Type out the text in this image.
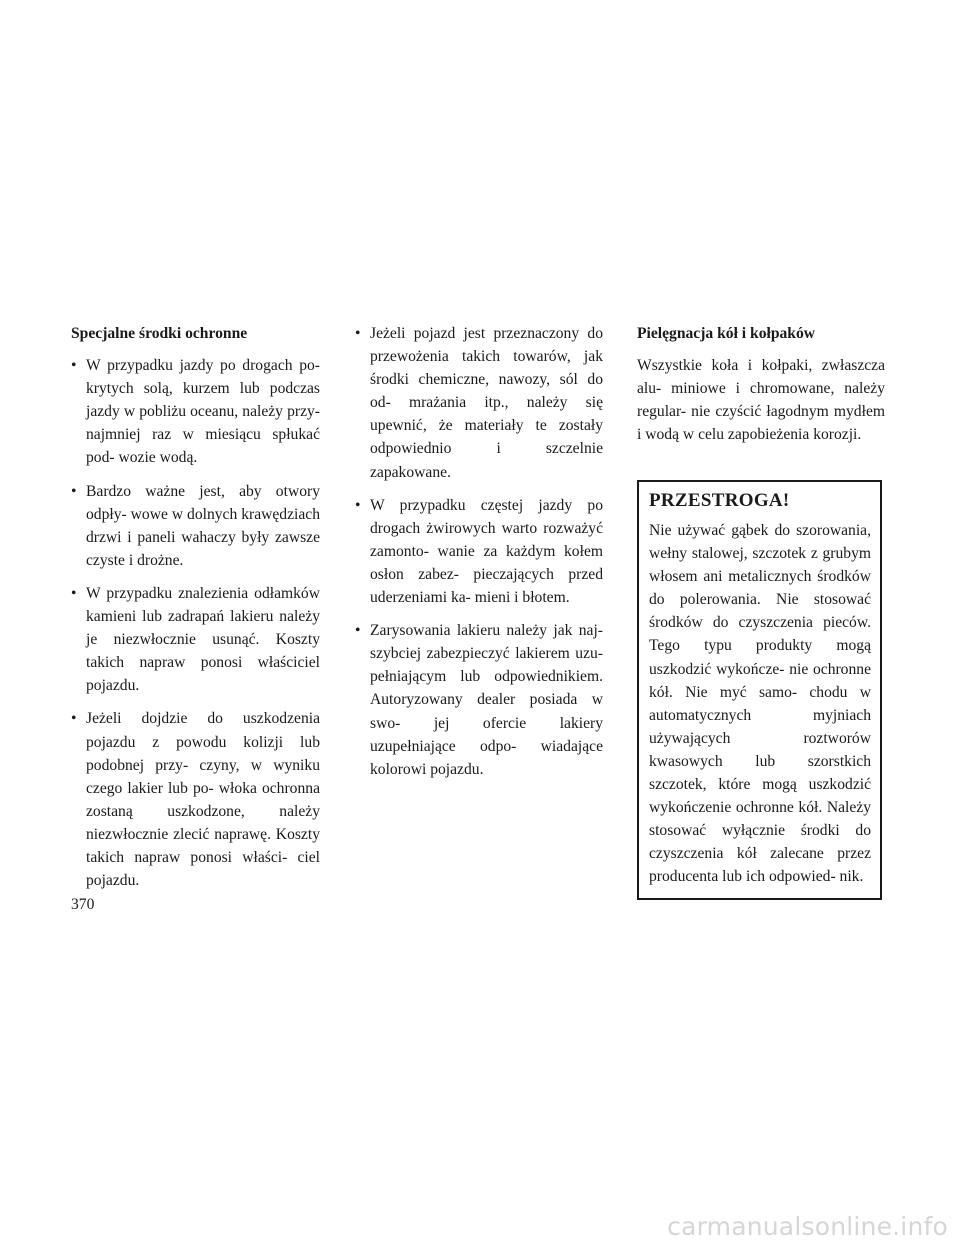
Specjalne środki ochronne
• W przypadku jazdy po drogach po- krytych solą, kurzem lub podczas jazdy w pobliżu oceanu, należy przy- najmniej raz w miesiącu spłukać pod- wozie wodą.
• Bardzo ważne jest, aby otwory odpły- wowe w dolnych krawędziach drzwi i paneli wahaczy były zawsze czyste i drożne.
• W przypadku znalezienia odłamków kamieni lub zadrapań lakieru należy je niezwłocznie usunąć. Koszty takich napraw ponosi właściciel pojazdu.
• Jeżeli dojdzie do uszkodzenia pojazdu z powodu kolizji lub podobnej przy- czyny, w wyniku czego lakier lub po- włoka ochronna zostaną uszkodzone, należy niezwłocznie zlecić naprawę. Koszty takich napraw ponosi właści- ciel pojazdu.
• Jeżeli pojazd jest przeznaczony do przewożenia takich towarów, jak środki chemiczne, nawozy, sól do od- mrażania itp., należy się upewnić, że materiały te zostały odpowiednio i szczelnie zapakowane.
• W przypadku częstej jazdy po drogach żwirowych warto rozważyć zamonto- wanie za każdym kołem osłon zabez- pieczających przed uderzeniami ka- mieni i błotem.
• Zarysowania lakieru należy jak naj- szybciej zabezpieczyć lakierem uzu- pełniającym lub odpowiednikiem. Autoryzowany dealer posiada w swo- jej ofercie lakiery uzupełniające odpo- wiadające kolorowi pojazdu.
Pielęgnacja kół i kołpaków

Wszystkie koła i kołpaki, zwłaszcza alu- miniowe i chromowane, należy regular- nie czyścić łagodnym mydłem i wodą w celu zapobieżenia korozji.

PRZESTROGA!

Nie używać gąbek do szorowania, wełny stalowej, szczotek z grubym włosem ani metalicznych środków do polerowania. Nie stosować środków do czyszczenia pieców. Tego typu produkty mogą uszkodzić wykończe- nie ochronne kół. Nie myć samo- chodu w automatycznych myjniach używających roztworów kwasowych lub szorstkich szczotek, które mogą uszkodzić wykończenie ochronne kół. Należy stosować wyłącznie środki do czyszczenia kół zalecane przez producenta lub ich odpowied- nik.

370
carmanualsonline.info
